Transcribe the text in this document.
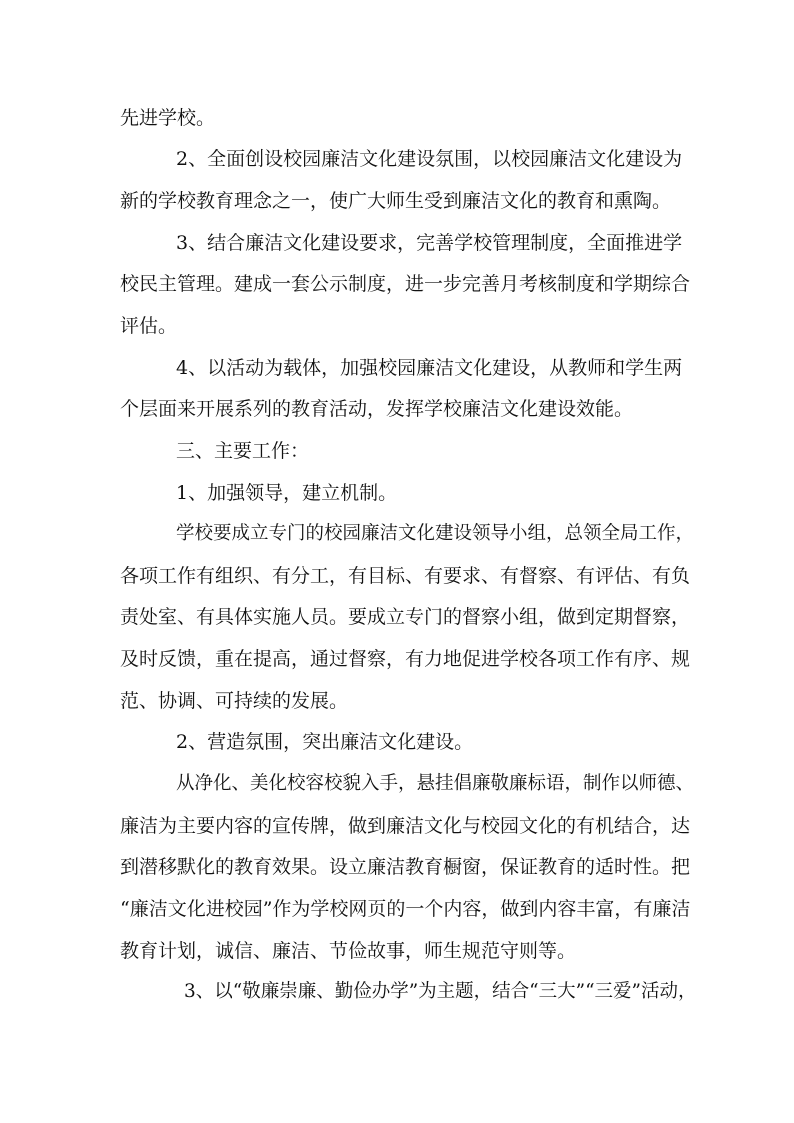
先进学校。
2、全面创设校园廉洁文化建设氛围，以校园廉洁文化建设为
新的学校教育理念之一，使广大师生受到廉洁文化的教育和熏陶。
3、结合廉洁文化建设要求，完善学校管理制度，全面推进学
校民主管理。建成一套公示制度，进一步完善月考核制度和学期综合
评估。
4、以活动为载体，加强校园廉洁文化建设，从教师和学生两
个层面来开展系列的教育活动，发挥学校廉洁文化建设效能。
三、主要工作：
1、加强领导，建立机制。
学校要成立专门的校园廉洁文化建设领导小组，总领全局工作，
各项工作有组织、有分工，有目标、有要求、有督察、有评估、有负
责处室、有具体实施人员。要成立专门的督察小组，做到定期督察，
及时反馈，重在提高，通过督察，有力地促进学校各项工作有序、规
范、协调、可持续的发展。
2、营造氛围，突出廉洁文化建设。
从净化、美化校容校貌入手，悬挂倡廉敬廉标语，制作以师德、
廉洁为主要内容的宣传牌，做到廉洁文化与校园文化的有机结合，达
到潜移默化的教育效果。设立廉洁教育橱窗，保证教育的适时性。把
“廉洁文化进校园”作为学校网页的一个内容，做到内容丰富，有廉洁
教育计划，诚信、廉洁、节俭故事，师生规范守则等。
3、以“敬廉崇廉、勤俭办学”为主题，结合“三大”“三爱”活动，
